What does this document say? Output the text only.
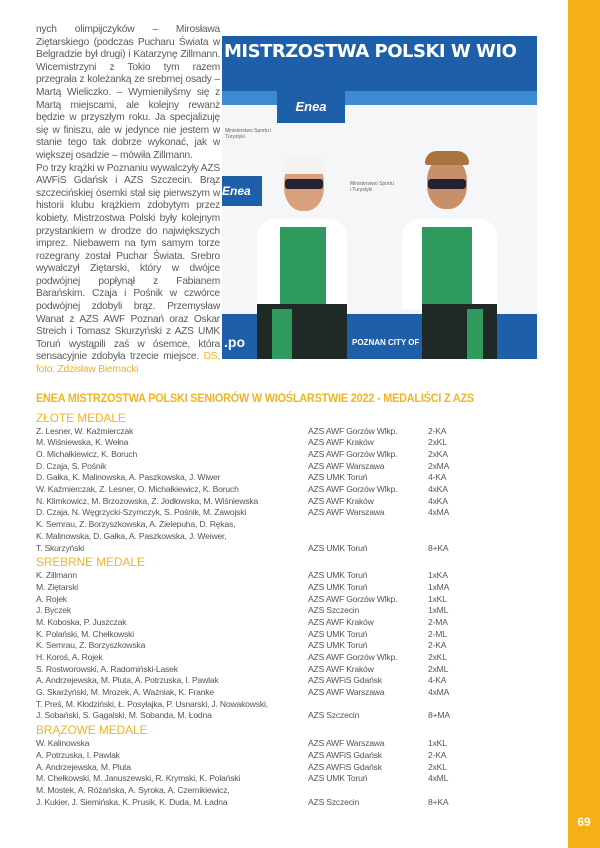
69
MISTRZOSTWA POLSKI W WIO
Enea
Enea
Ministerstwo Sportu i Turystyki
Ministerstwo Sportu i Turystyki
POZNAN CITY OF
.po
nych olimpijczyków – Mirosława Ziętarskiego (podczas Pucharu Świata w Belgradzie był drugi) i Katarzynę Zillmann. Wicemistrzyni z Tokio tym razem przegrała z koleżanką ze srebrnej osady – Martą Wieliczko. – Wymieniłyśmy się z Martą miejscami, ale kolejny rewanż będzie w przyszłym roku. Ja specjalizuję się w finiszu, ale w jedynce nie jestem w stanie tego tak dobrze wykonać, jak w większej osadzie – mówiła Zillmann.
Po trzy krążki w Poznaniu wywalczyły AZS AWFiS Gdańsk i AZS Szczecin. Brąz szczecińskiej ósemki stał się pierwszym w historii klubu krążkiem zdobytym przez kobiety. Mistrzostwa Polski były kolejnym przystankiem w drodze do największych imprez. Niebawem na tym samym torze rozegrany został Puchar Świata. Srebro wywalczył Ziętarski, który w dwójce podwójnej popłynął z Fabianem Barańskim. Czaja i Pośnik w czwórce podwójnej zdobyli brąz. Przemysław Wanat z AZS AWF Poznań oraz Oskar Streich i Tomasz Skurzyński z AZS UMK Toruń wystąpili zaś w ósemce, która sensacyjnie zdobyła trzecie miejsce. DS, foto: Zdzisław Biernacki
ENEA MISTRZOSTWA POLSKI SENIORÓW W WIOŚLARSTWIE 2022 - MEDALIŚCI Z AZS
ZŁOTE MEDALE
Z. Lesner, W. Kaźmierczak	AZS AWF Gorzów Wlkp.	2-KA
M. Wiśniewska, K. Wełna	AZS AWF Kraków	2xKL
O. Michałkiewicz, K. Boruch	AZS AWF Gorzów Wlkp.	2xKA
D. Czaja, S. Pośnik	AZS AWF Warszawa	2xMA
D. Gałka, K. Malinowska, A. Paszkowska, J. Wiwer	AZS UMK Toruń	4-KA
W. Kaźmierczak, Z. Lesner, O. Michałkiewicz, K. Boruch	AZS AWF Gorzów Wlkp.	4xKA
N. Klimkowicz, M. Brzozowska, Z. Jodłowska, M. Wiśniewska	AZS AWF Kraków	4xKA
D. Czaja, N. Węgrzycki-Szymczyk, S. Pośnik, M. Zawojski	AZS AWF Warszawa	4xMA
K. Semrau, Z. Borzyszkowska, A. Zielepuha, D. Rękas,
K. Malinowska, D. Gałka, A. Paszkowska, J. Weiwer,
T. Skurzyński	AZS UMK Toruń	8+KA
SREBRNE MEDALE
K. Zillmann	AZS UMK Toruń	1xKA
M. Ziętarski	AZS UMK Toruń	1xMA
A. Rojek	AZS AWF Gorzów Wlkp.	1xKL
J. Byczek	AZS Szczecin	1xML
M. Koboska, P. Juszczak	AZS AWF Kraków	2-MA
K. Polański, M. Chełkowski	AZS UMK Toruń	2-ML
K. Semrau, Z. Borzyszkowska	AZS UMK Toruń	2-KA
H. Koroś, A. Rojek	AZS AWF Gorzów Wlkp.	2xKL
S. Rostworowski, A. Radomiński-Lasek	AZS AWF Kraków	2xML
A. Andrzejewska, M. Pluta, A. Potrzuska, I. Pawlak	AZS AWFiS Gdańsk	4-KA
G. Skarżyński, M. Mrozek, A. Ważniak, K. Franke	AZS AWF Warszawa	4xMA
T. Preś, M. Kłodziński, Ł. Posyłajka, P. Usnarski, J. Nowakowski,
J. Sobański, S. Gągalski, M. Sobanda, M. Łodna	AZS Szczecin	8+MA
BRĄZOWE MEDALE
W. Kalinowska	AZS AWF Warszawa	1xKL
A. Potrzuska, I. Pawlak	AZS AWFiS Gdańsk	2-KA
A. Andrzejewska, M. Pluta	AZS AWFiS Gdańsk	2xKL
M. Chełkowski, M. Januszewski, R. Krymski, K. Polański	AZS UMK Toruń	4xML
M. Mostek, A. Różańska, A. Syroka, A. Czernikiewicz,
J. Kukier, J. Siemińska, K. Prusik, K. Duda, M. Ładna	AZS Szczecin	8+KA
